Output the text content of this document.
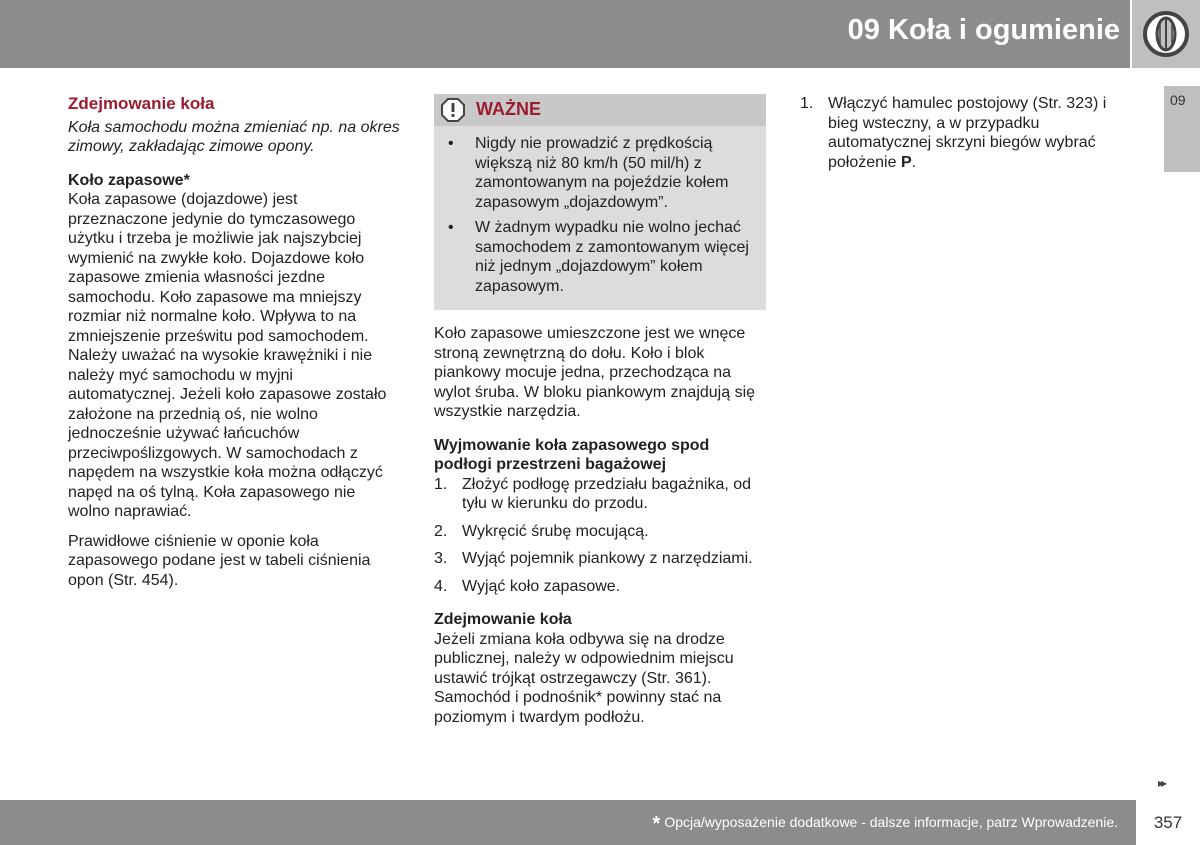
09 Koła i ogumienie
09
Zdejmowanie koła

Koła samochodu można zmieniać np. na okres zimowy, zakładając zimowe opony.

Koło zapasowe*

Koła zapasowe (dojazdowe) jest przeznaczone jedynie do tymczasowego użytku i trzeba je możliwie jak najszybciej wymienić na zwykłe koło. Dojazdowe koło zapasowe zmienia własności jezdne samochodu. Koło zapasowe ma mniejszy rozmiar niż normalne koło. Wpływa to na zmniejszenie prześwitu pod samochodem. Należy uważać na wysokie krawężniki i nie należy myć samochodu w myjni automatycznej. Jeżeli koło zapasowe zostało założone na przednią oś, nie wolno jednocześnie używać łańcuchów przeciwpoślizgowych. W samochodach z napędem na wszystkie koła można odłączyć napęd na oś tylną. Koła zapasowego nie wolno naprawiać.

Prawidłowe ciśnienie w oponie koła zapasowego podane jest w tabeli ciśnienia opon (Str. 454).

WAŻNE
• Nigdy nie prowadzić z prędkością większą niż 80 km/h (50 mil/h) z zamontowanym na pojeździe kołem zapasowym „dojazdowym”.
• W żadnym wypadku nie wolno jechać samochodem z zamontowanym więcej niż jednym „dojazdowym” kołem zapasowym.

Koło zapasowe umieszczone jest we wnęce stroną zewnętrzną do dołu. Koło i blok piankowy mocuje jedna, przechodząca na wylot śruba. W bloku piankowym znajdują się wszystkie narzędzia.

Wyjmowanie koła zapasowego spod podłogi przestrzeni bagażowej
1. Złożyć podłogę przedziału bagażnika, od tyłu w kierunku do przodu.
2. Wykręcić śrubę mocującą.
3. Wyjąć pojemnik piankowy z narzędziami.
4. Wyjąć koło zapasowe.
Zdejmowanie koła

Jeżeli zmiana koła odbywa się na drodze publicznej, należy w odpowiednim miejscu ustawić trójkąt ostrzegawczy (Str. 361). Samochód i podnośnik* powinny stać na poziomym i twardym podłożu.

1. Włączyć hamulec postojowy (Str. 323) i bieg wsteczny, a w przypadku automatycznej skrzyni biegów wybrać położenie P.
▸▸
* Opcja/wyposażenie dodatkowe - dalsze informacje, patrz Wprowadzenie.	357
